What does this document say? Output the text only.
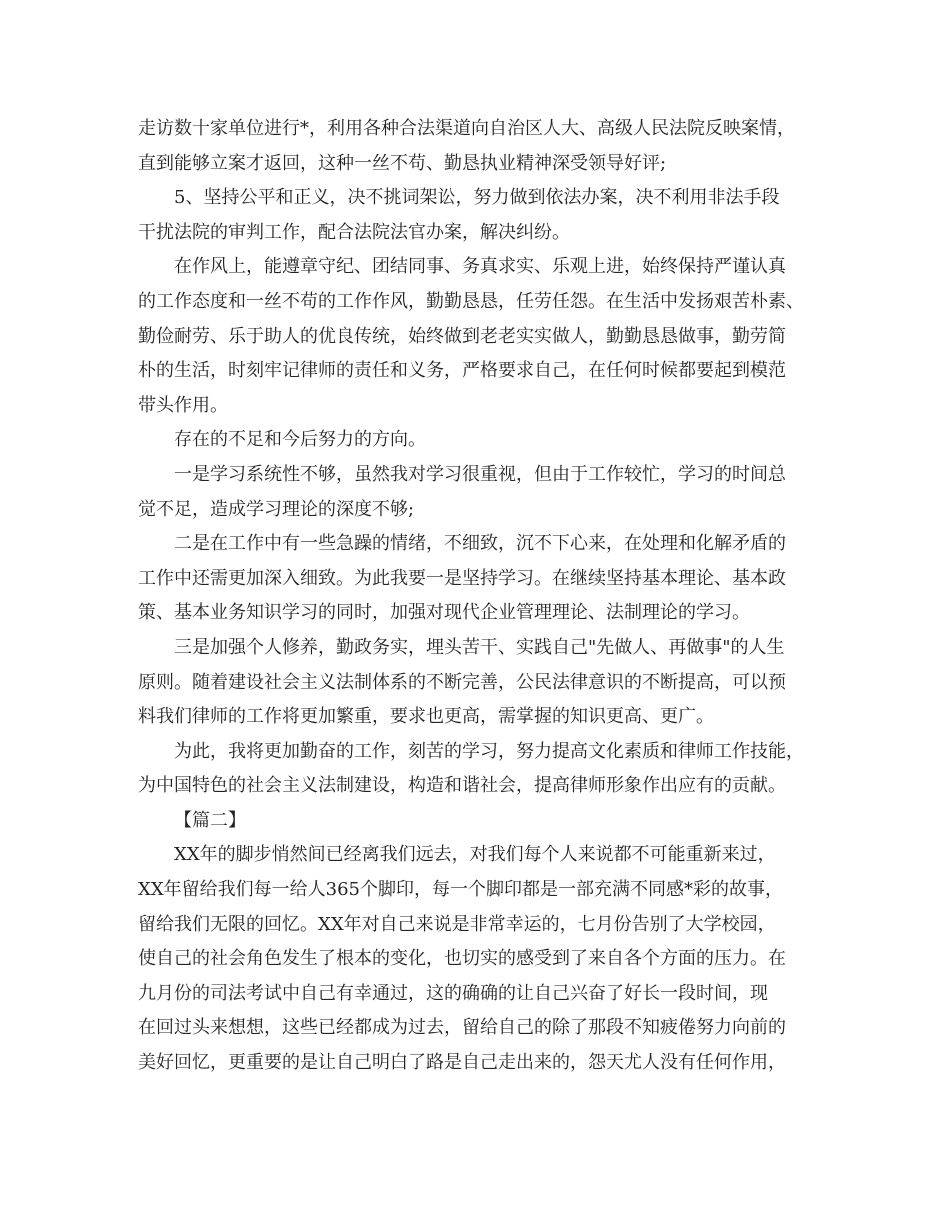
走访数十家单位进行*，利用各种合法渠道向自治区人大、高级人民法院反映案情，
直到能够立案才返回，这种一丝不苟、勤恳执业精神深受领导好评;
5、坚持公平和正义，决不挑词架讼，努力做到依法办案，决不利用非法手段
干扰法院的审判工作，配合法院法官办案，解决纠纷。
在作风上，能遵章守纪、团结同事、务真求实、乐观上进，始终保持严谨认真
的工作态度和一丝不苟的工作作风，勤勤恳恳，任劳任怨。在生活中发扬艰苦朴素、
勤俭耐劳、乐于助人的优良传统，始终做到老老实实做人，勤勤恳恳做事，勤劳简
朴的生活，时刻牢记律师的责任和义务，严格要求自己，在任何时候都要起到模范
带头作用。
存在的不足和今后努力的方向。
一是学习系统性不够，虽然我对学习很重视，但由于工作较忙，学习的时间总
觉不足，造成学习理论的深度不够;
二是在工作中有一些急躁的情绪，不细致，沉不下心来，在处理和化解矛盾的
工作中还需更加深入细致。为此我要一是坚持学习。在继续坚持基本理论、基本政
策、基本业务知识学习的同时，加强对现代企业管理理论、法制理论的学习。
三是加强个人修养，勤政务实，埋头苦干、实践自己"先做人、再做事"的人生
原则。随着建设社会主义法制体系的不断完善，公民法律意识的不断提高，可以预
料我们律师的工作将更加繁重，要求也更高，需掌握的知识更高、更广。
为此，我将更加勤奋的工作，刻苦的学习，努力提高文化素质和律师工作技能，
为中国特色的社会主义法制建设，构造和谐社会，提高律师形象作出应有的贡献。
【篇二】
XX年的脚步悄然间已经离我们远去，对我们每个人来说都不可能重新来过，
XX年留给我们每一给人365个脚印，每一个脚印都是一部充满不同感*彩的故事，
留给我们无限的回忆。XX年对自己来说是非常幸运的，七月份告别了大学校园，
使自己的社会角色发生了根本的变化，也切实的感受到了来自各个方面的压力。在
九月份的司法考试中自己有幸通过，这的确确的让自己兴奋了好长一段时间，现
在回过头来想想，这些已经都成为过去，留给自己的除了那段不知疲倦努力向前的
美好回忆，更重要的是让自己明白了路是自己走出来的，怨天尤人没有任何作用，
